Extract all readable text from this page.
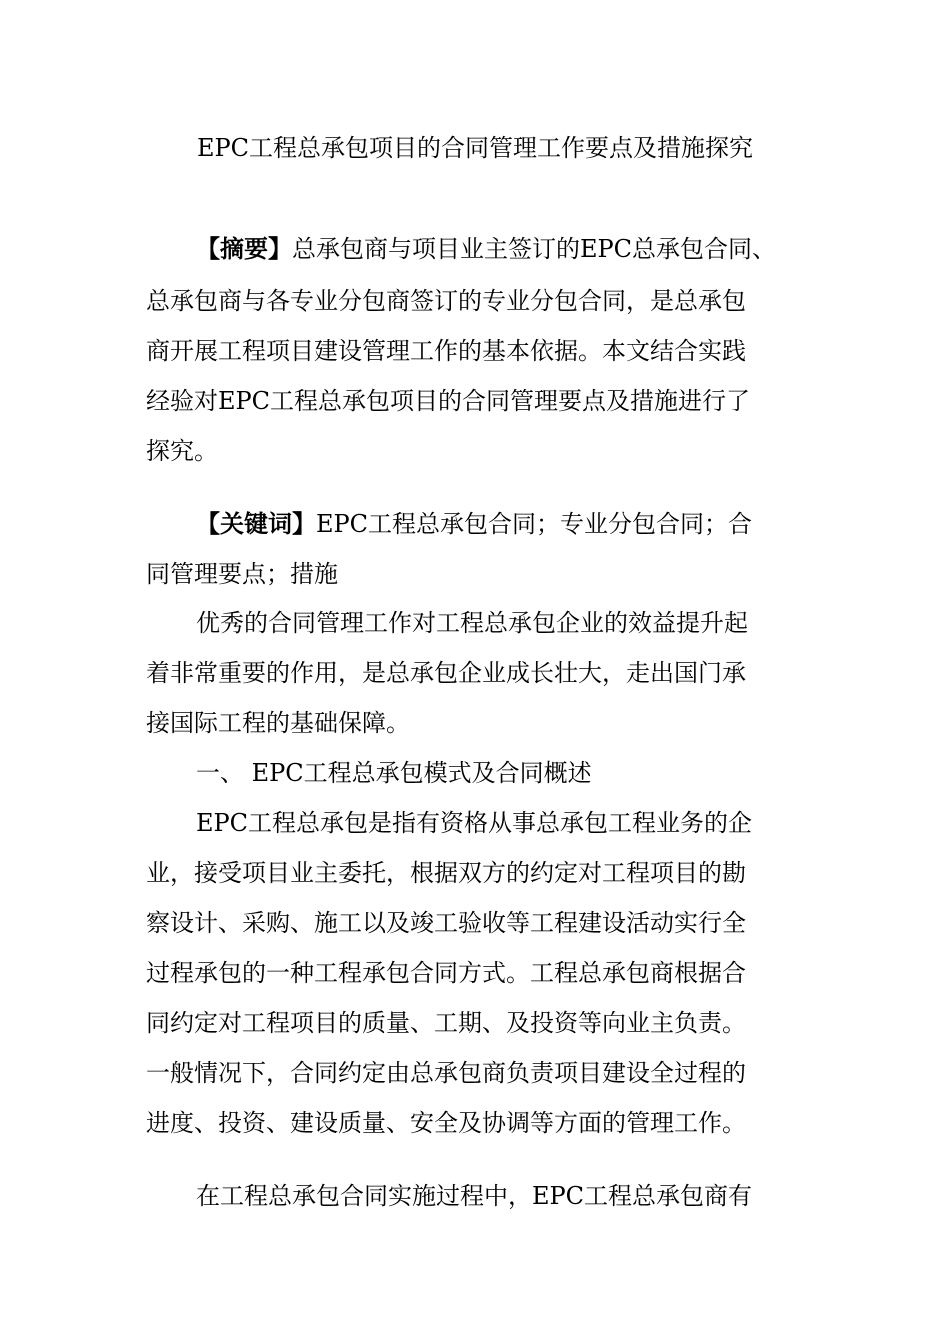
EPC工程总承包项目的合同管理工作要点及措施探究
【摘要】总承包商与项目业主签订的EPC总承包合同、
总承包商与各专业分包商签订的专业分包合同，是总承包
商开展工程项目建设管理工作的基本依据。本文结合实践
经验对EPC工程总承包项目的合同管理要点及措施进行了
探究。
【关键词】EPC工程总承包合同；专业分包合同；合
同管理要点；措施
优秀的合同管理工作对工程总承包企业的效益提升起
着非常重要的作用，是总承包企业成长壮大，走出国门承
接国际工程的基础保障。
一、 EPC工程总承包模式及合同概述
EPC工程总承包是指有资格从事总承包工程业务的企
业，接受项目业主委托，根据双方的约定对工程项目的勘
察设计、采购、施工以及竣工验收等工程建设活动实行全
过程承包的一种工程承包合同方式。工程总承包商根据合
同约定对工程项目的质量、工期、及投资等向业主负责。
一般情况下，合同约定由总承包商负责项目建设全过程的
进度、投资、建设质量、安全及协调等方面的管理工作。
在工程总承包合同实施过程中，EPC工程总承包商有
